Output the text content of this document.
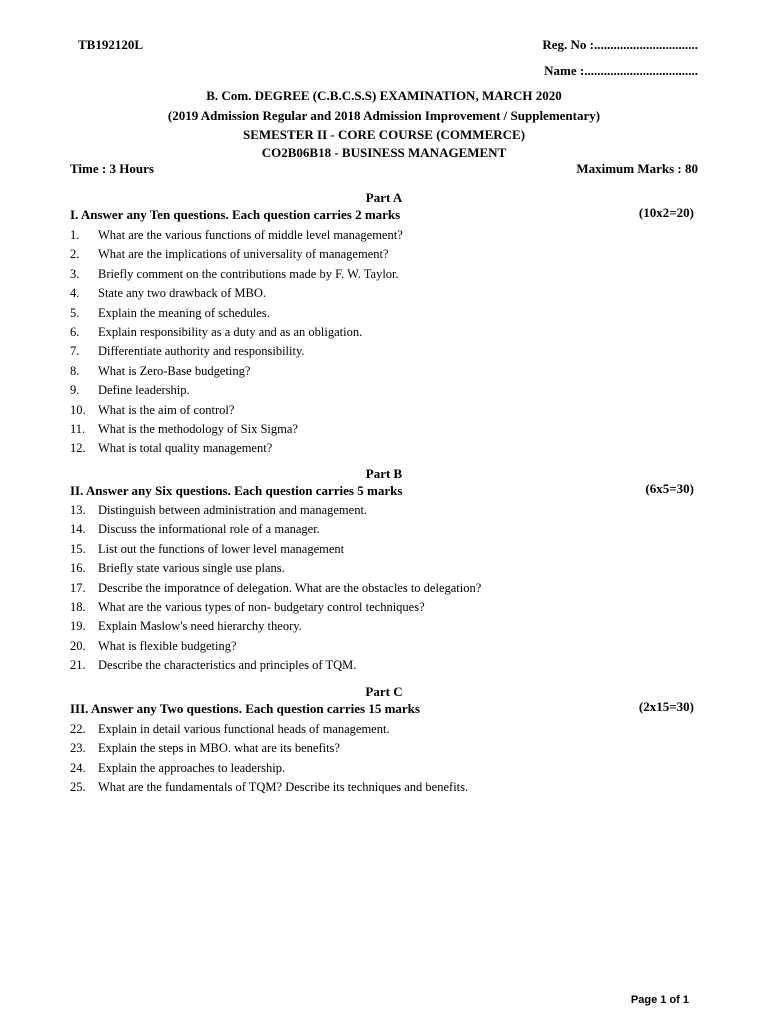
TB192120L	Reg. No :................................
Name :...................................
B. Com. DEGREE (C.B.C.S.S) EXAMINATION, MARCH 2020
(2019 Admission Regular and 2018 Admission Improvement / Supplementary)
SEMESTER II - CORE COURSE (COMMERCE)
CO2B06B18 - BUSINESS MANAGEMENT
Time : 3 Hours	Maximum Marks : 80
Part A
I. Answer any Ten questions. Each question carries 2 marks	(10x2=20)
1. What are the various functions of middle level management?
2. What are the implications of universality of management?
3. Briefly comment on the contributions made by F. W. Taylor.
4. State any two drawback of MBO.
5. Explain the meaning of schedules.
6. Explain responsibility as a duty and as an obligation.
7. Differentiate authority and responsibility.
8. What is Zero-Base budgeting?
9. Define leadership.
10. What is the aim of control?
11. What is the methodology of Six Sigma?
12. What is total quality management?
Part B
II. Answer any Six questions. Each question carries 5 marks	(6x5=30)
13. Distinguish between administration and management.
14. Discuss the informational role of a manager.
15. List out the functions of lower level management
16. Briefly state various single use plans.
17. Describe the imporatnce of delegation. What are the obstacles to delegation?
18. What are the various types of non- budgetary control techniques?
19. Explain Maslow's need hierarchy theory.
20. What is flexible budgeting?
21. Describe the characteristics and principles of TQM.
Part C
III. Answer any Two questions. Each question carries 15 marks	(2x15=30)
22. Explain in detail various functional heads of management.
23. Explain the steps in MBO. what are its benefits?
24. Explain the approaches to leadership.
25. What are the fundamentals of TQM? Describe its techniques and benefits.
Page 1 of 1
